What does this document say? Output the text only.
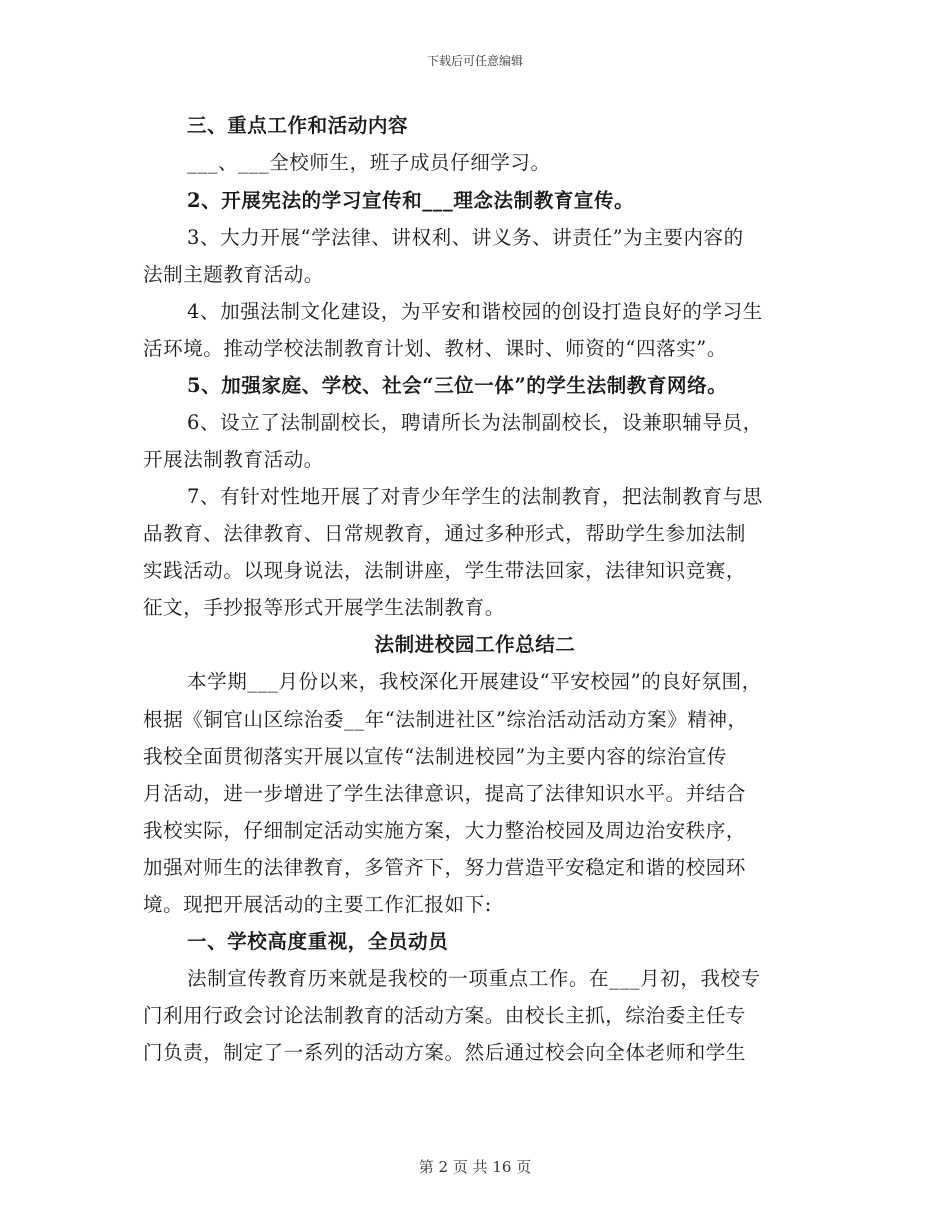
下载后可任意编辑
三、重点工作和活动内容
___、___全校师生，班子成员仔细学习。
2、开展宪法的学习宣传和___理念法制教育宣传。
3、大力开展“学法律、讲权利、讲义务、讲责任”为主要内容的
法制主题教育活动。
4、加强法制文化建设，为平安和谐校园的创设打造良好的学习生
活环境。推动学校法制教育计划、教材、课时、师资的“四落实”。
5、加强家庭、学校、社会“三位一体”的学生法制教育网络。
6、设立了法制副校长，聘请所长为法制副校长，设兼职辅导员，
开展法制教育活动。
7、有针对性地开展了对青少年学生的法制教育，把法制教育与思
品教育、法律教育、日常规教育，通过多种形式，帮助学生参加法制
实践活动。以现身说法，法制讲座，学生带法回家，法律知识竞赛，
征文，手抄报等形式开展学生法制教育。
法制进校园工作总结二
本学期___月份以来，我校深化开展建设“平安校园”的良好氛围，
根据《铜官山区综治委__年“法制进社区”综治活动活动方案》精神，
我校全面贯彻落实开展以宣传“法制进校园”为主要内容的综治宣传
月活动，进一步增进了学生法律意识，提高了法律知识水平。并结合
我校实际，仔细制定活动实施方案，大力整治校园及周边治安秩序，
加强对师生的法律教育，多管齐下，努力营造平安稳定和谐的校园环
境。现把开展活动的主要工作汇报如下:
一、学校高度重视，全员动员
法制宣传教育历来就是我校的一项重点工作。在___月初，我校专
门利用行政会讨论法制教育的活动方案。由校长主抓，综治委主任专
门负责，制定了一系列的活动方案。然后通过校会向全体老师和学生
第 2 页 共 16 页
